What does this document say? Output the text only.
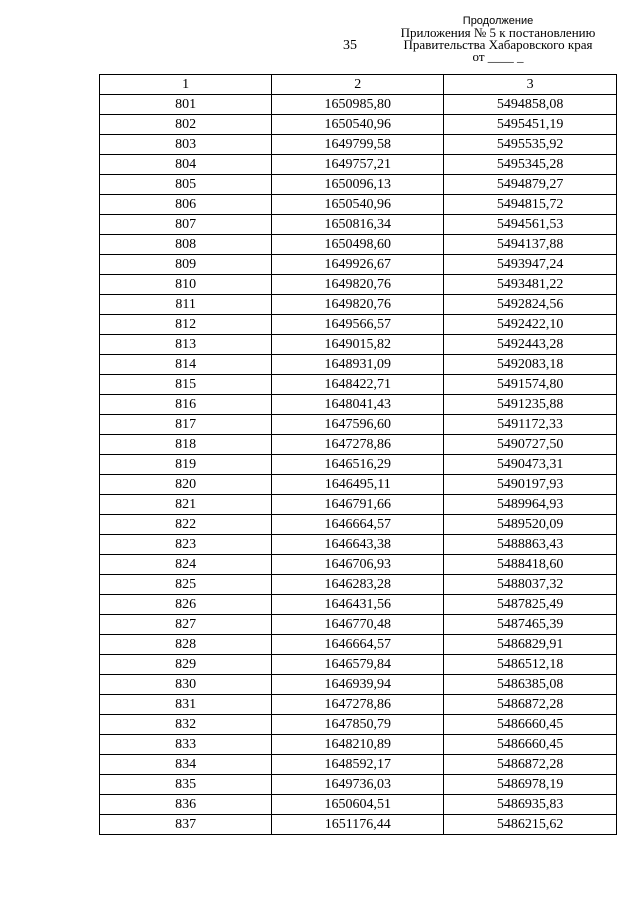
35
Продолжение
Приложения № 5 к постановлению
Правительства Хабаровского края
от ____ _
1	2	3
801	1650985,80	5494858,08
802	1650540,96	5495451,19
803	1649799,58	5495535,92
804	1649757,21	5495345,28
805	1650096,13	5494879,27
806	1650540,96	5494815,72
807	1650816,34	5494561,53
808	1650498,60	5494137,88
809	1649926,67	5493947,24
810	1649820,76	5493481,22
811	1649820,76	5492824,56
812	1649566,57	5492422,10
813	1649015,82	5492443,28
814	1648931,09	5492083,18
815	1648422,71	5491574,80
816	1648041,43	5491235,88
817	1647596,60	5491172,33
818	1647278,86	5490727,50
819	1646516,29	5490473,31
820	1646495,11	5490197,93
821	1646791,66	5489964,93
822	1646664,57	5489520,09
823	1646643,38	5488863,43
824	1646706,93	5488418,60
825	1646283,28	5488037,32
826	1646431,56	5487825,49
827	1646770,48	5487465,39
828	1646664,57	5486829,91
829	1646579,84	5486512,18
830	1646939,94	5486385,08
831	1647278,86	5486872,28
832	1647850,79	5486660,45
833	1648210,89	5486660,45
834	1648592,17	5486872,28
835	1649736,03	5486978,19
836	1650604,51	5486935,83
837	1651176,44	5486215,62
